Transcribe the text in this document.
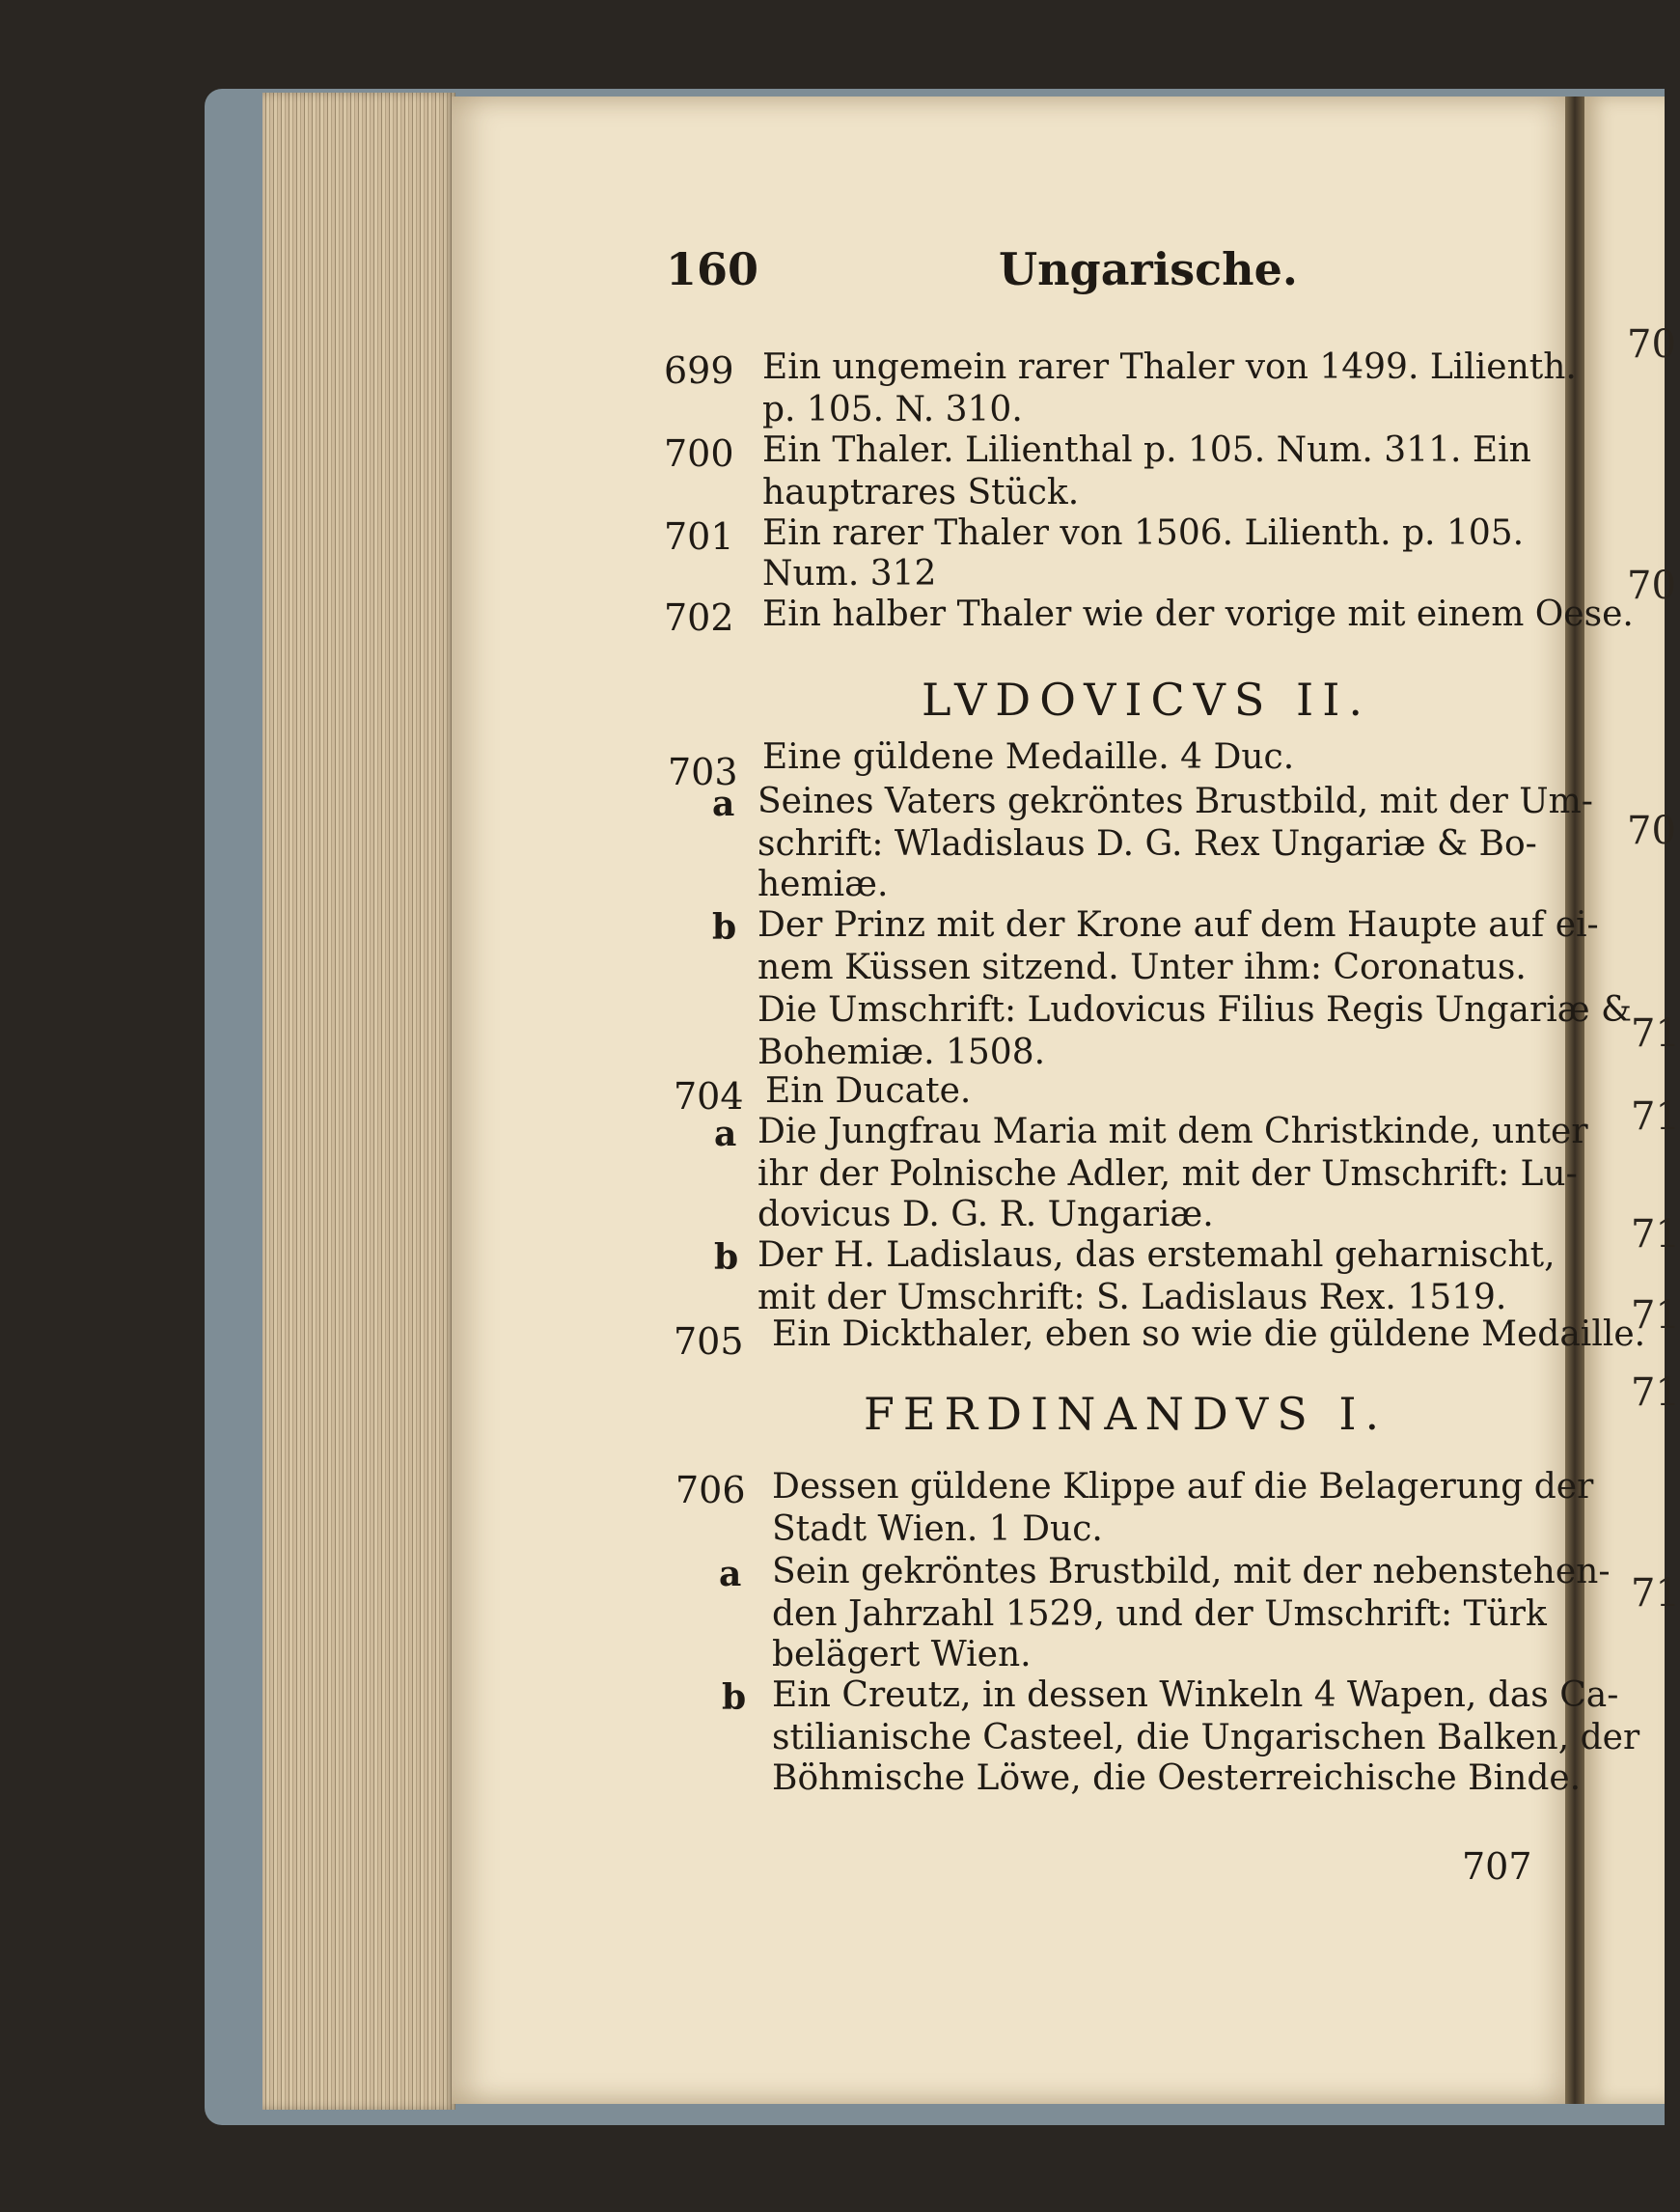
160	Ungarische.
699 Ein ungemein rarer Thaler von 1499. Lilienth.
p. 105. N. 310.
700 Ein Thaler. Lilienthal p. 105. Num. 311. Ein
hauptrares Stück.
701 Ein rarer Thaler von 1506. Lilienth. p. 105.
Num. 312
702 Ein halber Thaler wie der vorige mit einem Oese.
LVDOVICVS II.
703 Eine güldene Medaille. 4 Duc.
a Seines Vaters gekröntes Brustbild, mit der Um-
schrift: Wladislaus D. G. Rex Ungariæ & Bo-
hemiæ.
b Der Prinz mit der Krone auf dem Haupte auf ei-
nem Küssen sitzend. Unter ihm: Coronatus.
Die Umschrift: Ludovicus Filius Regis Ungariæ &
Bohemiæ. 1508.
704 Ein Ducate.
a Die Jungfrau Maria mit dem Christkinde, unter
ihr der Polnische Adler, mit der Umschrift: Lu-
dovicus D. G. R. Ungariæ.
b Der H. Ladislaus, das erstemahl geharnischt,
mit der Umschrift: S. Ladislaus Rex. 1519.
705 Ein Dickthaler, eben so wie die güldene Medaille.
FERDINANDVS I.
706 Dessen güldene Klippe auf die Belagerung der
Stadt Wien. 1 Duc.
a Sein gekröntes Brustbild, mit der nebenstehen-
den Jahrzahl 1529, und der Umschrift: Türk
belägert Wien.
b Ein Creutz, in dessen Winkeln 4 Wapen, das Ca-
stilianische Casteel, die Ungarischen Balken, der
Böhmische Löwe, die Oesterreichische Binde.
707
70
70
70
71
71
71
71
71
71
